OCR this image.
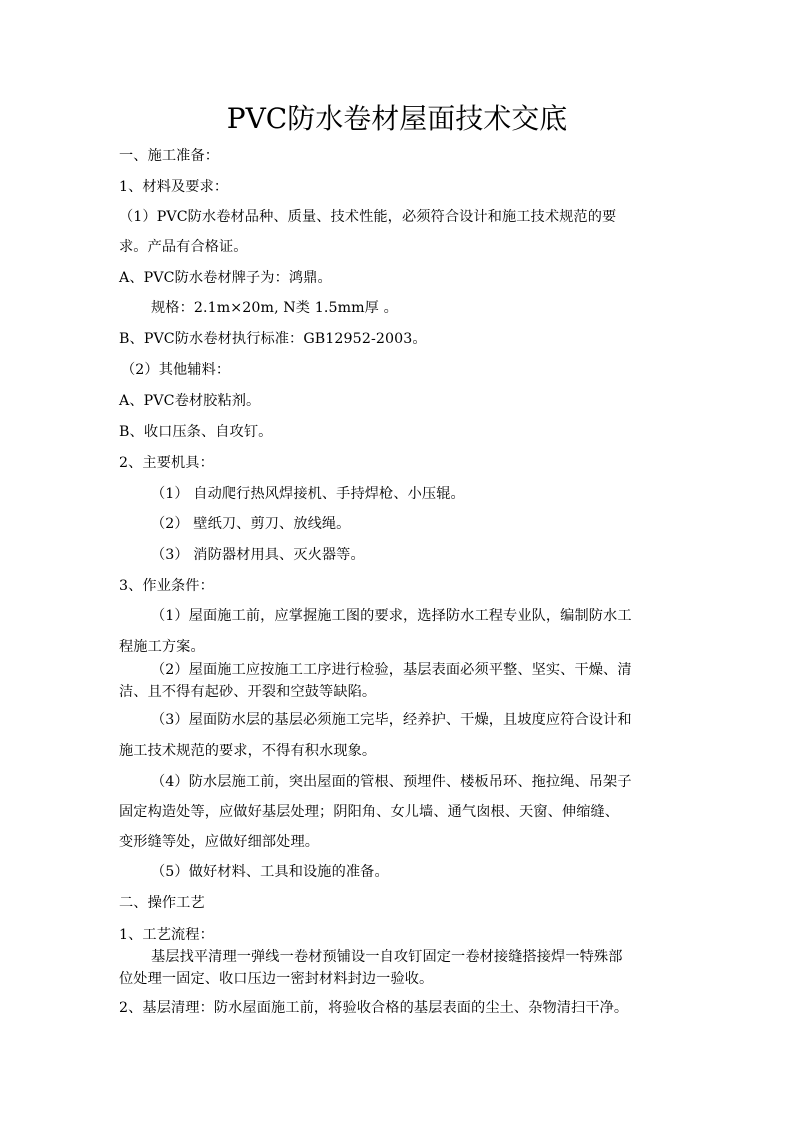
PVC防水卷材屋面技术交底
一、施工准备：
1、材料及要求：
（1）PVC防水卷材品种、质量、技术性能，必须符合设计和施工技术规范的要
求。产品有合格证。
A、PVC防水卷材牌子为：鸿鼎。
规格：2.1m×20m, N类 1.5mm厚 。
B、PVC防水卷材执行标准：GB12952-2003。
（2）其他辅料：
A、PVC卷材胶粘剂。
B、收口压条、自攻钉。
2、主要机具：
（1） 自动爬行热风焊接机、手持焊枪、小压辊。
（2） 壁纸刀、剪刀、放线绳。
（3） 消防器材用具、灭火器等。
3、作业条件：
（1）屋面施工前，应掌握施工图的要求，选择防水工程专业队，编制防水工
程施工方案。
（2）屋面施工应按施工工序进行检验，基层表面必须平整、坚实、干燥、清
洁、且不得有起砂、开裂和空鼓等缺陷。
（3）屋面防水层的基层必须施工完毕，经养护、干燥，且坡度应符合设计和
施工技术规范的要求，不得有积水现象。
（4）防水层施工前，突出屋面的管根、预埋件、楼板吊环、拖拉绳、吊架子
固定构造处等，应做好基层处理；阴阳角、女儿墙、通气囱根、天窗、伸缩缝、
变形缝等处，应做好细部处理。
（5）做好材料、工具和设施的准备。
二、操作工艺
1、工艺流程：
基层找平清理一弹线一卷材预铺设一自攻钉固定一卷材接缝搭接焊一特殊部
位处理一固定、收口压边一密封材料封边一验收。
2、基层清理：防水屋面施工前，将验收合格的基层表面的尘土、杂物清扫干净。
